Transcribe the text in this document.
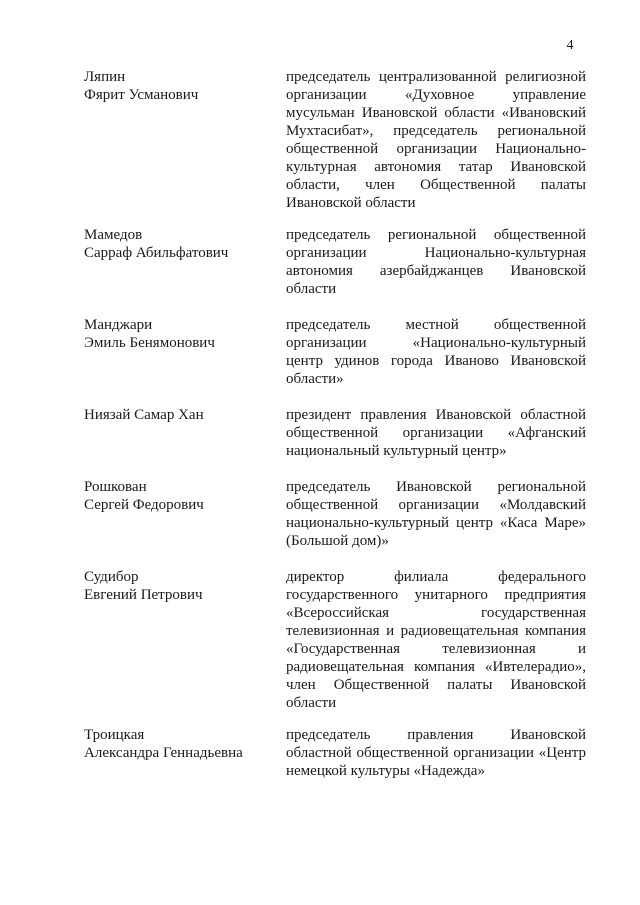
4
Ляпин
Фярит Усманович
председатель централизованной религиозной
организации «Духовное управление
мусульман Ивановской области «Ивановский
Мухтасибат», председатель региональной
общественной организации Национально-
культурная автономия татар Ивановской
области, член Общественной палаты
Ивановской области
Мамедов
Сарраф Абильфатович
председатель региональной общественной
организации Национально-культурная
автономия азербайджанцев Ивановской
области
Манджари
Эмиль Бенямонович
председатель местной общественной
организации «Национально-культурный
центр удинов города Иваново Ивановской
области»
Ниязай Самар Хан	президент правления Ивановской областной
общественной организации «Афганский
национальный культурный центр»
Рошкован
Сергей Федорович
председатель Ивановской региональной
общественной организации «Молдавский
национально-культурный центр «Каса Маре»
(Большой дом)»
Судибор
Евгений Петрович
директор филиала федерального
государственного унитарного предприятия
«Всероссийская государственная
телевизионная и радиовещательная компания
«Государственная телевизионная и
радиовещательная компания «Ивтелерадио»,
член Общественной палаты Ивановской
области
Троицкая
Александра Геннадьевна
председатель правления Ивановской
областной общественной организации «Центр
немецкой культуры «Надежда»
